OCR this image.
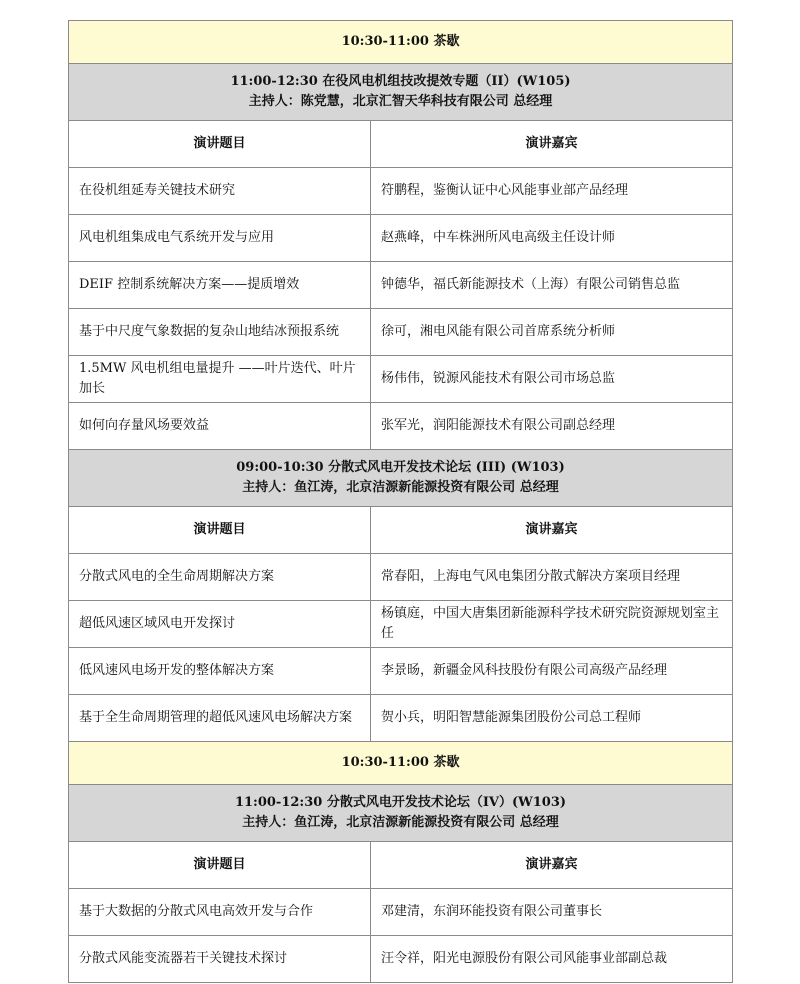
10:30-11:00 茶歇	

11:00-12:30 在役风电机组技改提效专题（II）(W105)
主持人：陈党慧，北京汇智天华科技有限公司 总经理	

演讲题目	演讲嘉宾
在役机组延寿关键技术研究	符鹏程，鉴衡认证中心风能事业部产品经理
风电机组集成电气系统开发与应用	赵燕峰，中车株洲所风电高级主任设计师
DEIF 控制系统解决方案——提质增效	钟德华，福氏新能源技术（上海）有限公司销售总监
基于中尺度气象数据的复杂山地结冰预报系统	徐可，湘电风能有限公司首席系统分析师
1.5MW 风电机组电量提升 ——叶片迭代、叶片加长	杨伟伟，锐源风能技术有限公司市场总监
如何向存量风场要效益	张军光，润阳能源技术有限公司副总经理

09:00-10:30 分散式风电开发技术论坛 (III) (W103)
主持人：鱼江涛，北京洁源新能源投资有限公司 总经理	

演讲题目	演讲嘉宾
分散式风电的全生命周期解决方案	常春阳，上海电气风电集团分散式解决方案项目经理
超低风速区域风电开发探讨	杨镇庭，中国大唐集团新能源科学技术研究院资源规划室主任
低风速风电场开发的整体解决方案	李景旸，新疆金风科技股份有限公司高级产品经理
基于全生命周期管理的超低风速风电场解决方案	贺小兵，明阳智慧能源集团股份公司总工程师
10:30-11:00 茶歇	

11:00-12:30 分散式风电开发技术论坛（IV）(W103)
主持人：鱼江涛，北京洁源新能源投资有限公司 总经理	

演讲题目	演讲嘉宾
基于大数据的分散式风电高效开发与合作	邓建清，东润环能投资有限公司董事长
分散式风能变流器若干关键技术探讨	汪令祥，阳光电源股份有限公司风能事业部副总裁
